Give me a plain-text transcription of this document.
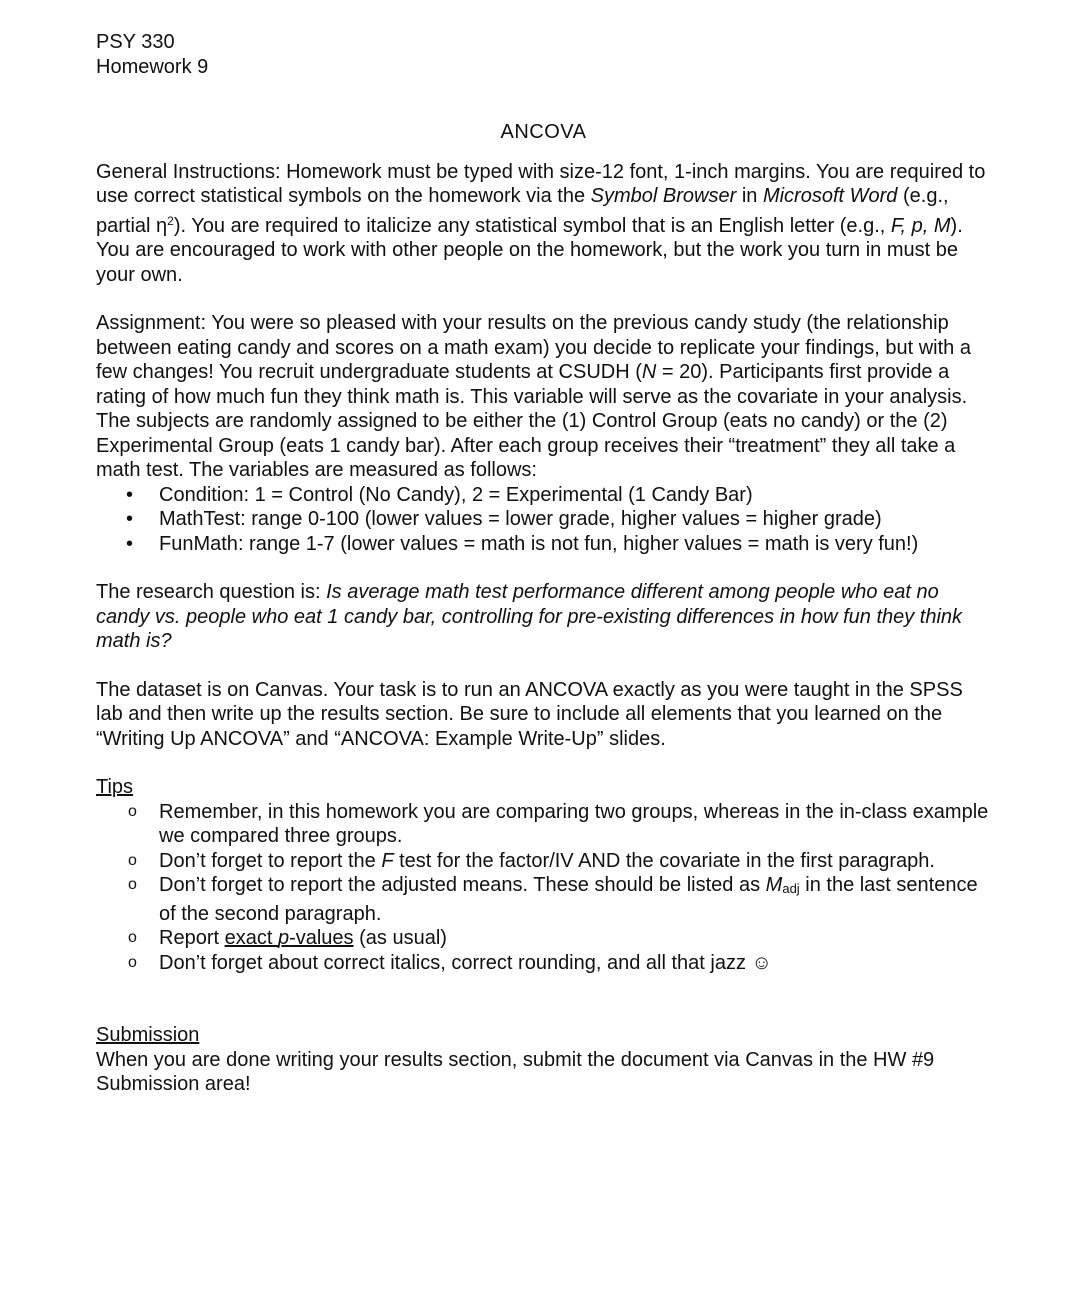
PSY 330

Homework 9

ANCOVA

General Instructions: Homework must be typed with size-12 font, 1-inch margins. You are required to use correct statistical symbols on the homework via the Symbol Browser in Microsoft Word (e.g., partial $\eta^2$). You are required to italicize any statistical symbol that is an English letter (e.g., F, p, M). You are encouraged to work with other people on the homework, but the work you turn in must be your own.

Assignment: You were so pleased with your results on the previous candy study (the relationship between eating candy and scores on a math exam) you decide to replicate your findings, but with a few changes! You recruit undergraduate students at CSUDH (N = 20). Participants first provide a rating of how much fun they think math is. This variable will serve as the covariate in your analysis. The subjects are randomly assigned to be either the (1) Control Group (eats no candy) or the (2) Experimental Group (eats 1 candy bar). After each group receives their “treatment” they all take a math test. The variables are measured as follows:

• Condition: 1 = Control (No Candy), 2 = Experimental (1 Candy Bar)
• MathTest: range 0-100 (lower values = lower grade, higher values = higher grade)
• FunMath: range 1-7 (lower values = math is not fun, higher values = math is very fun!)

The research question is: Is average math test performance different among people who eat no candy vs. people who eat 1 candy bar, controlling for pre-existing differences in how fun they think math is?

The dataset is on Canvas. Your task is to run an ANCOVA exactly as you were taught in the SPSS lab and then write up the results section. Be sure to include all elements that you learned on the “Writing Up ANCOVA” and “ANCOVA: Example Write-Up” slides.

Tips

o Remember, in this homework you are comparing two groups, whereas in the in-class example we compared three groups.
o Don’t forget to report the F test for the factor/IV AND the covariate in the first paragraph.
o Don’t forget to report the adjusted means. These should be listed as Madj in the last sentence of the second paragraph.
o Report exact p-values (as usual)
o Don’t forget about correct italics, correct rounding, and all that jazz ☺

Submission

When you are done writing your results section, submit the document via Canvas in the HW #9 Submission area!
